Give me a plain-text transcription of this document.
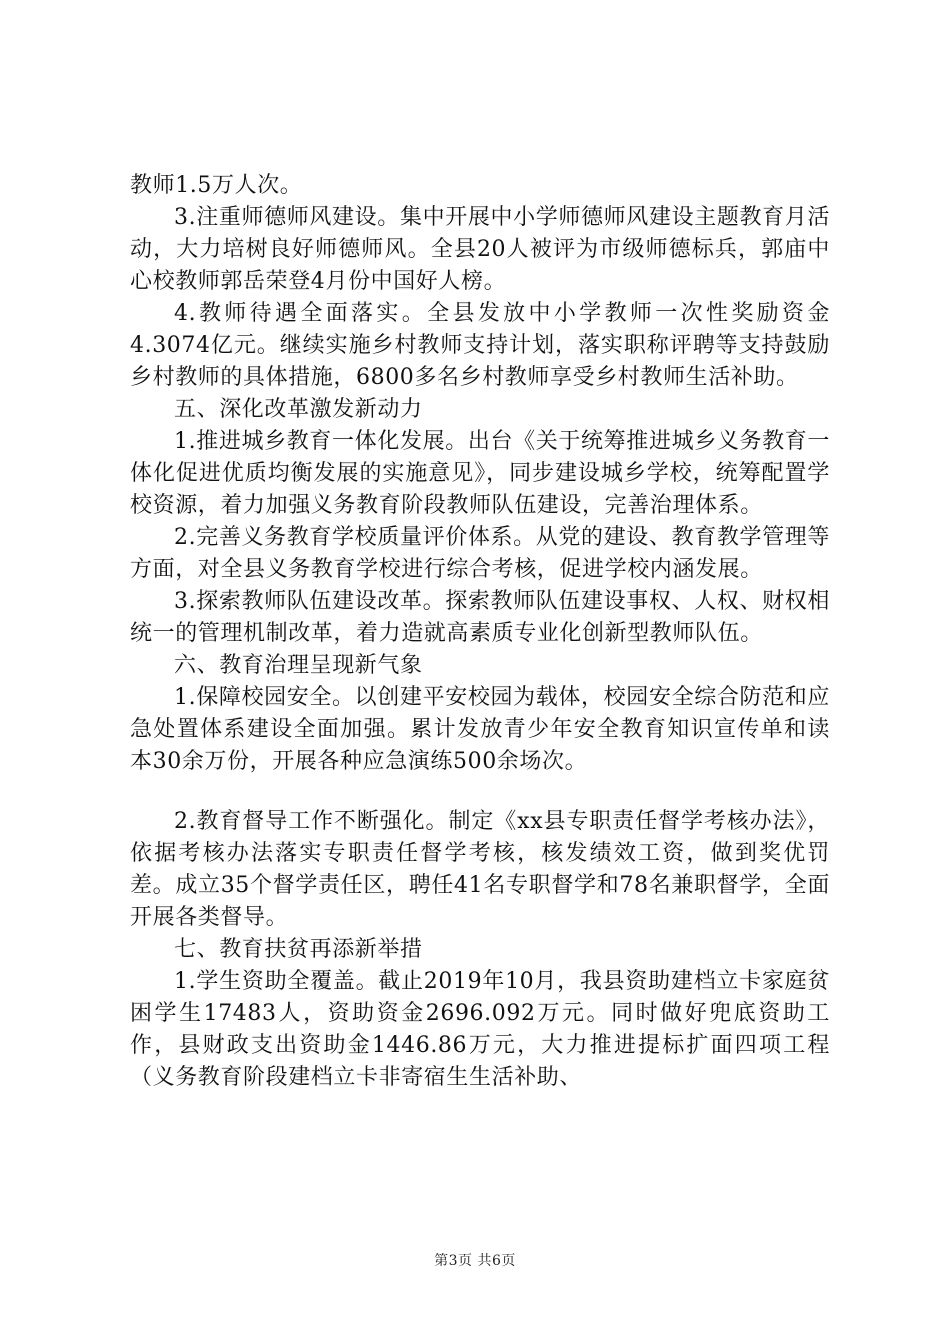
教师1.5万人次。

3.注重师德师风建设。集中开展中小学师德师风建设主题教育月活动，大力培树良好师德师风。全县20人被评为市级师德标兵，郭庙中心校教师郭岳荣登4月份中国好人榜。

4.教师待遇全面落实。全县发放中小学教师一次性奖励资金4.3074亿元。继续实施乡村教师支持计划，落实职称评聘等支持鼓励乡村教师的具体措施，6800多名乡村教师享受乡村教师生活补助。

五、深化改革激发新动力

1.推进城乡教育一体化发展。出台《关于统筹推进城乡义务教育一体化促进优质均衡发展的实施意见》，同步建设城乡学校，统筹配置学校资源，着力加强义务教育阶段教师队伍建设，完善治理体系。

2.完善义务教育学校质量评价体系。从党的建设、教育教学管理等方面，对全县义务教育学校进行综合考核，促进学校内涵发展。

3.探索教师队伍建设改革。探索教师队伍建设事权、人权、财权相统一的管理机制改革，着力造就高素质专业化创新型教师队伍。

六、教育治理呈现新气象

1.保障校园安全。以创建平安校园为载体，校园安全综合防范和应急处置体系建设全面加强。累计发放青少年安全教育知识宣传单和读本30余万份，开展各种应急演练500余场次。

2.教育督导工作不断强化。制定《xx县专职责任督学考核办法》，依据考核办法落实专职责任督学考核，核发绩效工资，做到奖优罚差。成立35个督学责任区，聘任41名专职督学和78名兼职督学，全面开展各类督导。

七、教育扶贫再添新举措

1.学生资助全覆盖。截止2019年10月，我县资助建档立卡家庭贫困学生17483人，资助资金2696.092万元。同时做好兜底资助工作，县财政支出资助金1446.86万元，大力推进提标扩面四项工程（义务教育阶段建档立卡非寄宿生生活补助、

第3页 共6页
